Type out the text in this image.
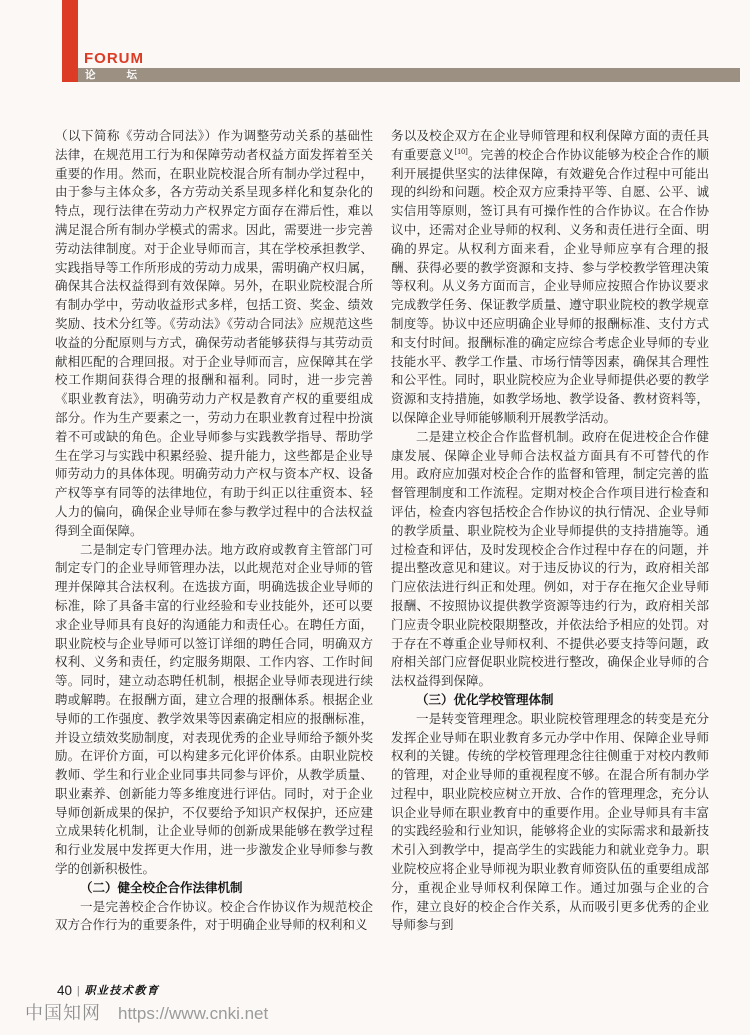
FORUM
论	坛

（以下简称《劳动合同法》）作为调整劳动关系的基础性法律，在规范用工行为和保障劳动者权益方面发挥着至关重要的作用。然而，在职业院校混合所有制办学过程中，由于参与主体众多，各方劳动关系呈现多样化和复杂化的特点，现行法律在劳动力产权界定方面存在滞后性，难以满足混合所有制办学模式的需求。因此，需要进一步完善劳动法律制度。对于企业导师而言，其在学校承担教学、实践指导等工作所形成的劳动力成果，需明确产权归属，确保其合法权益得到有效保障。另外，在职业院校混合所有制办学中，劳动收益形式多样，包括工资、奖金、绩效奖励、技术分红等。《劳动法》《劳动合同法》应规范这些收益的分配原则与方式，确保劳动者能够获得与其劳动贡献相匹配的合理回报。对于企业导师而言，应保障其在学校工作期间获得合理的报酬和福利。同时，进一步完善《职业教育法》，明确劳动力产权是教育产权的重要组成部分。作为生产要素之一，劳动力在职业教育过程中扮演着不可或缺的角色。企业导师参与实践教学指导、帮助学生在学习与实践中积累经验、提升能力，这些都是企业导师劳动力的具体体现。明确劳动力产权与资本产权、设备产权等享有同等的法律地位，有助于纠正以往重资本、轻人力的偏向，确保企业导师在参与教学过程中的合法权益得到全面保障。

二是制定专门管理办法。地方政府或教育主管部门可制定专门的企业导师管理办法，以此规范对企业导师的管理并保障其合法权利。在选拔方面，明确选拔企业导师的标准，除了具备丰富的行业经验和专业技能外，还可以要求企业导师具有良好的沟通能力和责任心。在聘任方面，职业院校与企业导师可以签订详细的聘任合同，明确双方权利、义务和责任，约定服务期限、工作内容、工作时间等。同时，建立动态聘任机制，根据企业导师表现进行续聘或解聘。在报酬方面，建立合理的报酬体系。根据企业导师的工作强度、教学效果等因素确定相应的报酬标准，并设立绩效奖励制度，对表现优秀的企业导师给予额外奖励。在评价方面，可以构建多元化评价体系。由职业院校教师、学生和行业企业同事共同参与评价，从教学质量、职业素养、创新能力等多维度进行评估。同时，对于企业导师创新成果的保护，不仅要给予知识产权保护，还应建立成果转化机制，让企业导师的创新成果能够在教学过程和行业发展中发挥更大作用，进一步激发企业导师参与教学的创新积极性。

（二）健全校企合作法律机制

一是完善校企合作协议。校企合作协议作为规范校企双方合作行为的重要条件，对于明确企业导师的权利和义

务以及校企双方在企业导师管理和权利保障方面的责任具有重要意义[10]。完善的校企合作协议能够为校企合作的顺利开展提供坚实的法律保障，有效避免合作过程中可能出现的纠纷和问题。校企双方应秉持平等、自愿、公平、诚实信用等原则，签订具有可操作性的合作协议。在合作协议中，还需对企业导师的权利、义务和责任进行全面、明确的界定。从权利方面来看，企业导师应享有合理的报酬、获得必要的教学资源和支持、参与学校教学管理决策等权利。从义务方面而言，企业导师应按照合作协议要求完成教学任务、保证教学质量、遵守职业院校的教学规章制度等。协议中还应明确企业导师的报酬标准、支付方式和支付时间。报酬标准的确定应综合考虑企业导师的专业技能水平、教学工作量、市场行情等因素，确保其合理性和公平性。同时，职业院校应为企业导师提供必要的教学资源和支持措施，如教学场地、教学设备、教材资料等，以保障企业导师能够顺利开展教学活动。

二是建立校企合作监督机制。政府在促进校企合作健康发展、保障企业导师合法权益方面具有不可替代的作用。政府应加强对校企合作的监督和管理，制定完善的监督管理制度和工作流程。定期对校企合作项目进行检查和评估，检查内容包括校企合作协议的执行情况、企业导师的教学质量、职业院校为企业导师提供的支持措施等。通过检查和评估，及时发现校企合作过程中存在的问题，并提出整改意见和建议。对于违反协议的行为，政府相关部门应依法进行纠正和处理。例如，对于存在拖欠企业导师报酬、不按照协议提供教学资源等违约行为，政府相关部门应责令职业院校限期整改，并依法给予相应的处罚。对于存在不尊重企业导师权利、不提供必要支持等问题，政府相关部门应督促职业院校进行整改，确保企业导师的合法权益得到保障。

（三）优化学校管理体制

一是转变管理理念。职业院校管理理念的转变是充分发挥企业导师在职业教育多元办学中作用、保障企业导师权利的关键。传统的学校管理理念往往侧重于对校内教师的管理，对企业导师的重视程度不够。在混合所有制办学过程中，职业院校应树立开放、合作的管理理念，充分认识企业导师在职业教育中的重要作用。企业导师具有丰富的实践经验和行业知识，能够将企业的实际需求和最新技术引入到教学中，提高学生的实践能力和就业竞争力。职业院校应将企业导师视为职业教育师资队伍的重要组成部分，重视企业导师权利保障工作。通过加强与企业的合作，建立良好的校企合作关系，从而吸引更多优秀的企业导师参与到

40 | 职业技术教育
中国知网 https://www.cnki.net
